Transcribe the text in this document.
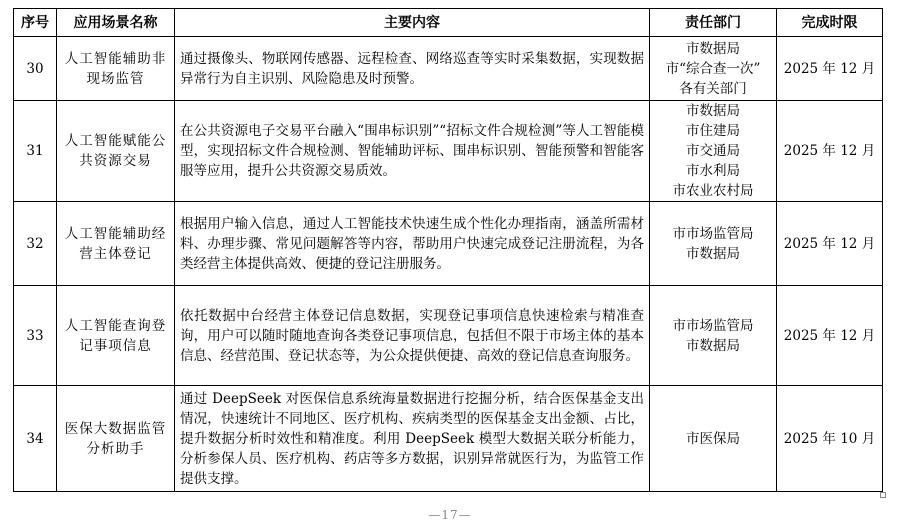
序号	应用场景名称	主要内容	责任部门	完成时限
30	人工智能辅助非现场监管	通过摄像头、物联网传感器、远程检查、网络巡查等实时采集数据，实现数据异常行为自主识别、风险隐患及时预警。	市数据局
市“综合查一次”
各有关部门	2025 年 12 月
31	人工智能赋能公共资源交易	在公共资源电子交易平台融入“围串标识别”“招标文件合规检测”等人工智能模型，实现招标文件合规检测、智能辅助评标、围串标识别、智能预警和智能客服等应用，提升公共资源交易质效。	市数据局
市住建局
市交通局
市水利局
市农业农村局	2025 年 12 月
32	人工智能辅助经营主体登记	根据用户输入信息，通过人工智能技术快速生成个性化办理指南，涵盖所需材料、办理步骤、常见问题解答等内容，帮助用户快速完成登记注册流程，为各类经营主体提供高效、便捷的登记注册服务。	市市场监管局
市数据局	2025 年 12 月
33	人工智能查询登记事项信息	依托数据中台经营主体登记信息数据，实现登记事项信息快速检索与精准查询，用户可以随时随地查询各类登记事项信息，包括但不限于市场主体的基本信息、经营范围、登记状态等，为公众提供便捷、高效的登记信息查询服务。	市市场监管局
市数据局	2025 年 12 月
34	医保大数据监管分析助手	通过 DeepSeek 对医保信息系统海量数据进行挖掘分析，结合医保基金支出情况，快速统计不同地区、医疗机构、疾病类型的医保基金支出金额、占比，提升数据分析时效性和精准度。利用 DeepSeek 模型大数据关联分析能力，分析参保人员、医疗机构、药店等多方数据，识别异常就医行为，为监管工作提供支撑。	市医保局	2025 年 10 月
—17—
